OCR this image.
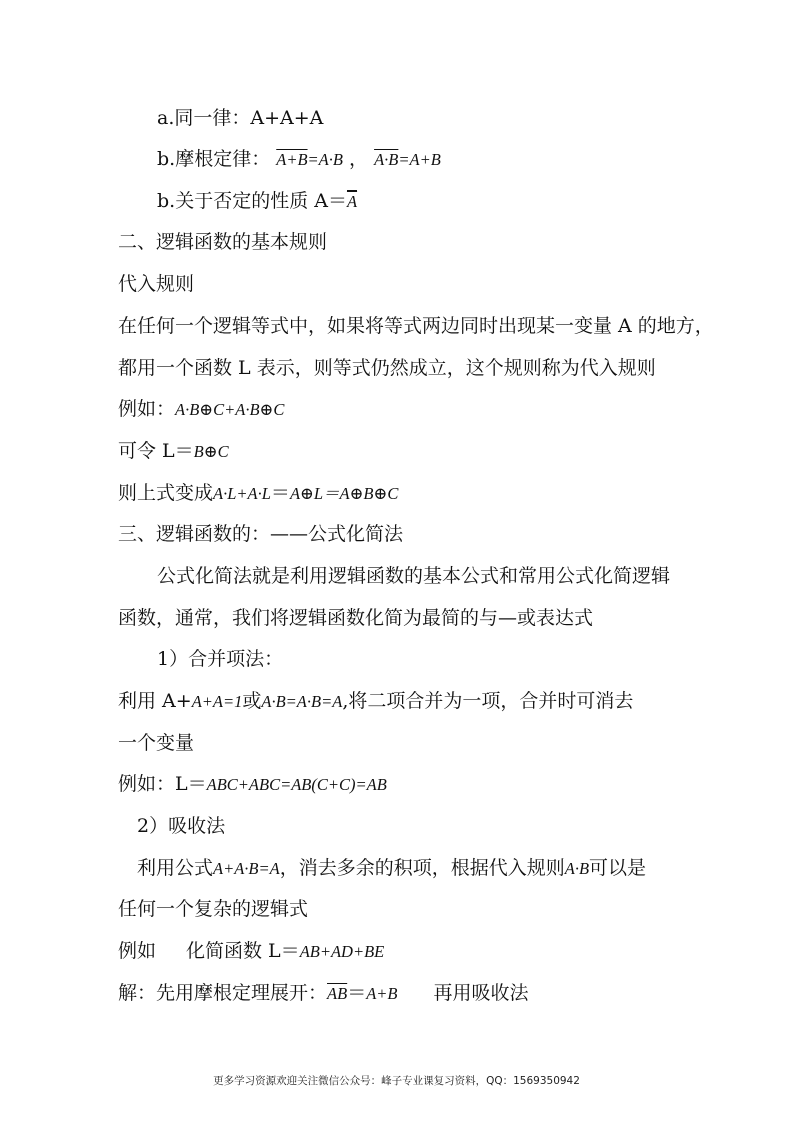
a.同一律：A+A+A
b.摩根定律： A+B=A·B ， A·B=A+B
b.关于否定的性质 $A=\overline{A}$
二、逻辑函数的基本规则
代入规则
在任何一个逻辑等式中，如果将等式两边同时出现某一变量 A 的地方，
都用一个函数 L 表示，则等式仍然成立，这个规则称为代入规则
例如：A·B⊕C+A·B⊕C
可令 L＝B⊕C
则上式变成A·L+A·L＝A⊕L＝A⊕B⊕C
三、逻辑函数的：——公式化简法
公式化简法就是利用逻辑函数的基本公式和常用公式化简逻辑
函数，通常，我们将逻辑函数化简为最简的与—或表达式
1）合并项法：
利用 A+A+A=1或A·B=A·B=A,将二项合并为一项，合并时可消去
一个变量
例如：L＝ABC+ABC=AB(C+C)=AB
2）吸收法
利用公式A+A·B=A，消去多余的积项，根据代入规则A·B可以是
任何一个复杂的逻辑式
例如 化简函数 L＝AB+AD+BE
解：先用摩根定理展开：$\overline{AB}=A+B$ 再用吸收法
更多学习资源欢迎关注微信公众号：峰子专业课复习资料，QQ：1569350942
